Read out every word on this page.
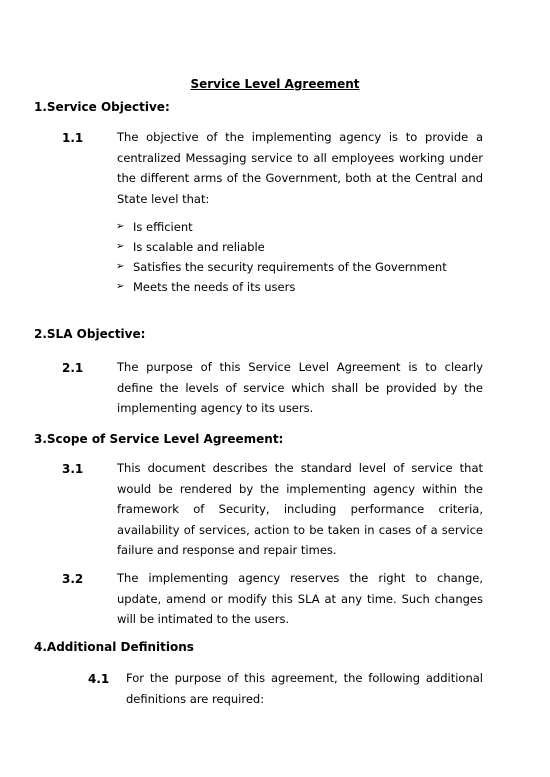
Service Level Agreement
1.Service Objective:
1.1	The objective of the implementing agency is to provide a centralized Messaging service to all employees working under the different arms of the Government, both at the Central and State level that:
➢ Is efficient
➢ Is scalable and reliable
➢ Satisfies the security requirements of the Government
➢ Meets the needs of its users
2.SLA Objective:
2.1	The purpose of this Service Level Agreement is to clearly define the levels of service which shall be provided by the implementing agency to its users.
3.Scope of Service Level Agreement:
3.1	This document describes the standard level of service that would be rendered by the implementing agency within the framework of Security, including performance criteria, availability of services, action to be taken in cases of a service failure and response and repair times.
3.2	The implementing agency reserves the right to change, update, amend or modify this SLA at any time. Such changes will be intimated to the users.
4.Additional Definitions
4.1 For the purpose of this agreement, the following additional definitions are required:
